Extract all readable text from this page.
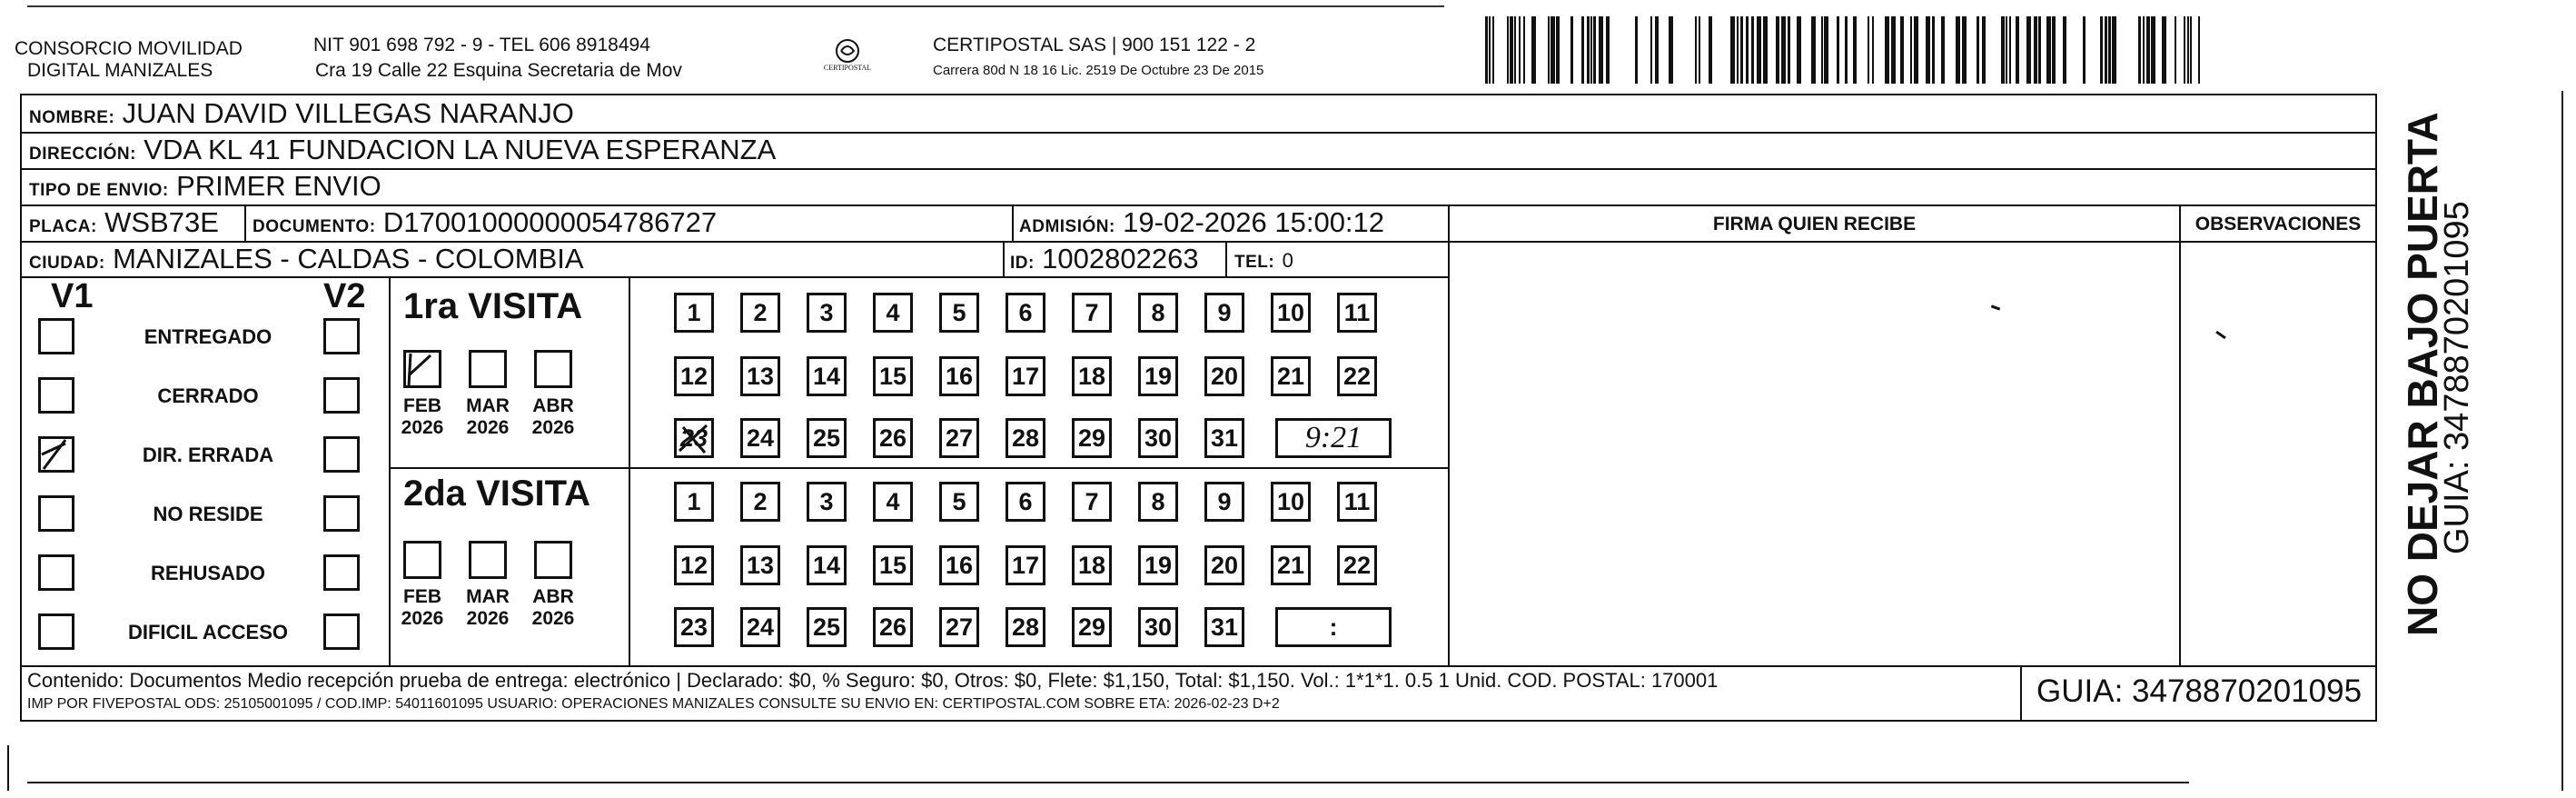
CONSORCIO MOVILIDAD
DIGITAL MANIZALES
NIT 901 698 792 - 9 - TEL 606 8918494
Cra 19 Calle 22 Esquina Secretaria de Mov	CERTIPOSTAL
CERTIPOSTAL SAS | 900 151 122 - 2
Carrera 80d N 18 16 Lic. 2519 De Octubre 23 De 2015
NOMBRE: JUAN DAVID VILLEGAS NARANJO
DIRECCIÓN: VDA KL 41 FUNDACION LA NUEVA ESPERANZA
TIPO DE ENVIO: PRIMER ENVIO
FIRMA QUIEN RECIBE	OBSERVACIONES
PLACA: WSB73E DOCUMENTO: D17001000000054786727	ADMISIÓN: 19-02-2026 15:00:12
CIUDAD: MANIZALES - CALDAS - COLOMBIA	ID: 1002802263 TEL: 0
V1	V2
ENTREGADO
CERRADO
DIR. ERRADA
NO RESIDE
REHUSADO
DIFICIL ACCESO
1ra VISITA
2da VISITA
FEB
2026
MAR
2026
ABR
2026
FEB
2026
MAR
2026
ABR
2026
1	2	3	4	5	6	7	8	9	10 11
12 13 14 15 16 17 18 19 20 21 22
23 24 25 26 27 28 29 30 31	9:21
1	2	3	4	5	6	7	8	9	10 11
12 13 14 15 16 17 18 19 20 21 22
23 24 25 26 27 28 29 30 31	:
Contenido: Documentos Medio recepción prueba de entrega: electrónico | Declarado: $0, % Seguro: $0, Otros: $0, Flete: $1,150, Total: $1,150. Vol.: 1*1*1. 0.5 1 Unid. COD. POSTAL: 170001
IMP POR FIVEPOSTAL ODS: 25105001095 / COD.IMP: 54011601095 USUARIO: OPERACIONES MANIZALES CONSULTE SU ENVIO EN: CERTIPOSTAL.COM SOBRE ETA: 2026-02-23 D+2	GUIA: 3478870201095
NO DEJAR BAJO PUERTA
GUIA: 3478870201095
